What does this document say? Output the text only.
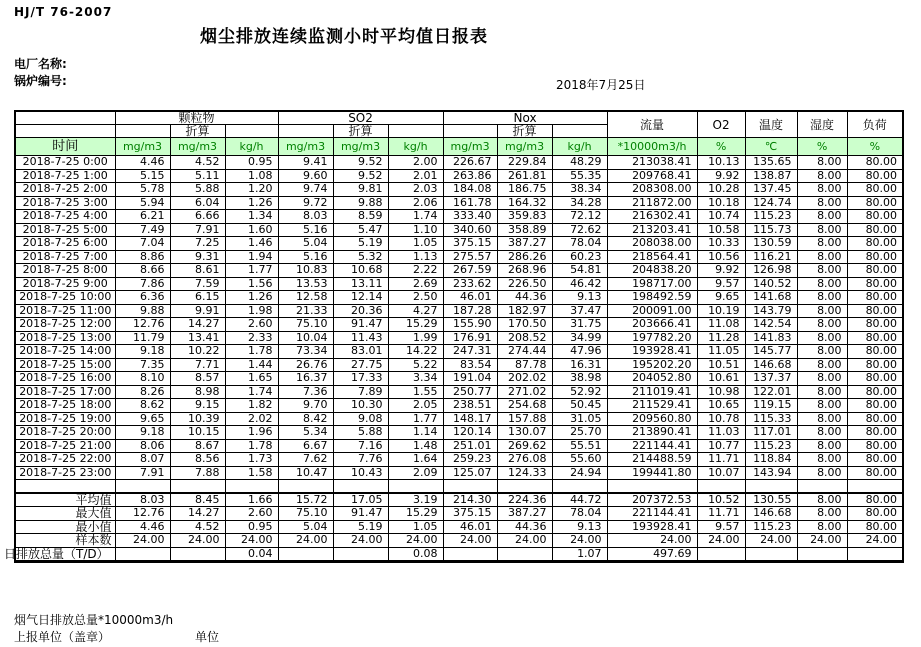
HJ/T 76-2007
烟尘排放连续监测小时平均值日报表
电厂名称:
锅炉编号:	2018年7月25日
	颗粒物			SO2			Nox			流量	O2	温度	湿度	负荷
		折算			折算			折算						
时间	mg/m3	mg/m3	kg/h	mg/m3	mg/m3	kg/h	mg/m3	mg/m3	kg/h	*10000m3/h	%	℃	%	%
2018-7-25 0:00	4.46	4.52	0.95	9.41	9.52	2.00	226.67	229.84	48.29	213038.41	10.13	135.65	8.00	80.00
2018-7-25 1:00	5.15	5.11	1.08	9.60	9.52	2.01	263.86	261.81	55.35	209768.41	9.92	138.87	8.00	80.00
2018-7-25 2:00	5.78	5.88	1.20	9.74	9.81	2.03	184.08	186.75	38.34	208308.00	10.28	137.45	8.00	80.00
2018-7-25 3:00	5.94	6.04	1.26	9.72	9.88	2.06	161.78	164.32	34.28	211872.00	10.18	124.74	8.00	80.00
2018-7-25 4:00	6.21	6.66	1.34	8.03	8.59	1.74	333.40	359.83	72.12	216302.41	10.74	115.23	8.00	80.00
2018-7-25 5:00	7.49	7.91	1.60	5.16	5.47	1.10	340.60	358.89	72.62	213203.41	10.58	115.73	8.00	80.00
2018-7-25 6:00	7.04	7.25	1.46	5.04	5.19	1.05	375.15	387.27	78.04	208038.00	10.33	130.59	8.00	80.00
2018-7-25 7:00	8.86	9.31	1.94	5.16	5.32	1.13	275.57	286.26	60.23	218564.41	10.56	116.21	8.00	80.00
2018-7-25 8:00	8.66	8.61	1.77	10.83	10.68	2.22	267.59	268.96	54.81	204838.20	9.92	126.98	8.00	80.00
2018-7-25 9:00	7.86	7.59	1.56	13.53	13.11	2.69	233.62	226.50	46.42	198717.00	9.57	140.52	8.00	80.00
2018-7-25 10:00	6.36	6.15	1.26	12.58	12.14	2.50	46.01	44.36	9.13	198492.59	9.65	141.68	8.00	80.00
2018-7-25 11:00	9.88	9.91	1.98	21.33	20.36	4.27	187.28	182.97	37.47	200091.00	10.19	143.79	8.00	80.00
2018-7-25 12:00	12.76	14.27	2.60	75.10	91.47	15.29	155.90	170.50	31.75	203666.41	11.08	142.54	8.00	80.00
2018-7-25 13:00	11.79	13.41	2.33	10.04	11.43	1.99	176.91	208.52	34.99	197782.20	11.28	141.83	8.00	80.00
2018-7-25 14:00	9.18	10.22	1.78	73.34	83.01	14.22	247.31	274.44	47.96	193928.41	11.05	145.77	8.00	80.00
2018-7-25 15:00	7.35	7.71	1.44	26.76	27.75	5.22	83.54	87.78	16.31	195202.20	10.51	146.68	8.00	80.00
2018-7-25 16:00	8.10	8.57	1.65	16.37	17.33	3.34	191.04	202.02	38.98	204052.80	10.61	137.37	8.00	80.00
2018-7-25 17:00	8.26	8.98	1.74	7.36	7.89	1.55	250.77	271.02	52.92	211019.41	10.98	122.01	8.00	80.00
2018-7-25 18:00	8.62	9.15	1.82	9.70	10.30	2.05	238.51	254.68	50.45	211529.41	10.65	119.15	8.00	80.00
2018-7-25 19:00	9.65	10.39	2.02	8.42	9.08	1.77	148.17	157.88	31.05	209560.80	10.78	115.33	8.00	80.00
2018-7-25 20:00	9.18	10.15	1.96	5.34	5.88	1.14	120.14	130.07	25.70	213890.41	11.03	117.01	8.00	80.00
2018-7-25 21:00	8.06	8.67	1.78	6.67	7.16	1.48	251.01	269.62	55.51	221144.41	10.77	115.23	8.00	80.00
2018-7-25 22:00	8.07	8.56	1.73	7.62	7.76	1.64	259.23	276.08	55.60	214488.59	11.71	118.84	8.00	80.00
2018-7-25 23:00	7.91	7.88	1.58	10.47	10.43	2.09	125.07	124.33	24.94	199441.80	10.07	143.94	8.00	80.00

平均值	8.03	8.45	1.66	15.72	17.05	3.19	214.30	224.36	44.72	207372.53	10.52	130.55	8.00	80.00
最大值	12.76	14.27	2.60	75.10	91.47	15.29	375.15	387.27	78.04	221144.41	11.71	146.68	8.00	80.00
最小值	4.46	4.52	0.95	5.04	5.19	1.05	46.01	44.36	9.13	193928.41	9.57	115.23	8.00	80.00
样本数	24.00	24.00	24.00	24.00	24.00	24.00	24.00	24.00	24.00	24.00	24.00	24.00	24.00	24.00
日排放总量（T/D）			0.04			0.08			1.07	497.69				
烟气日排放总量*10000m3/h
上报单位（盖章）	单位
